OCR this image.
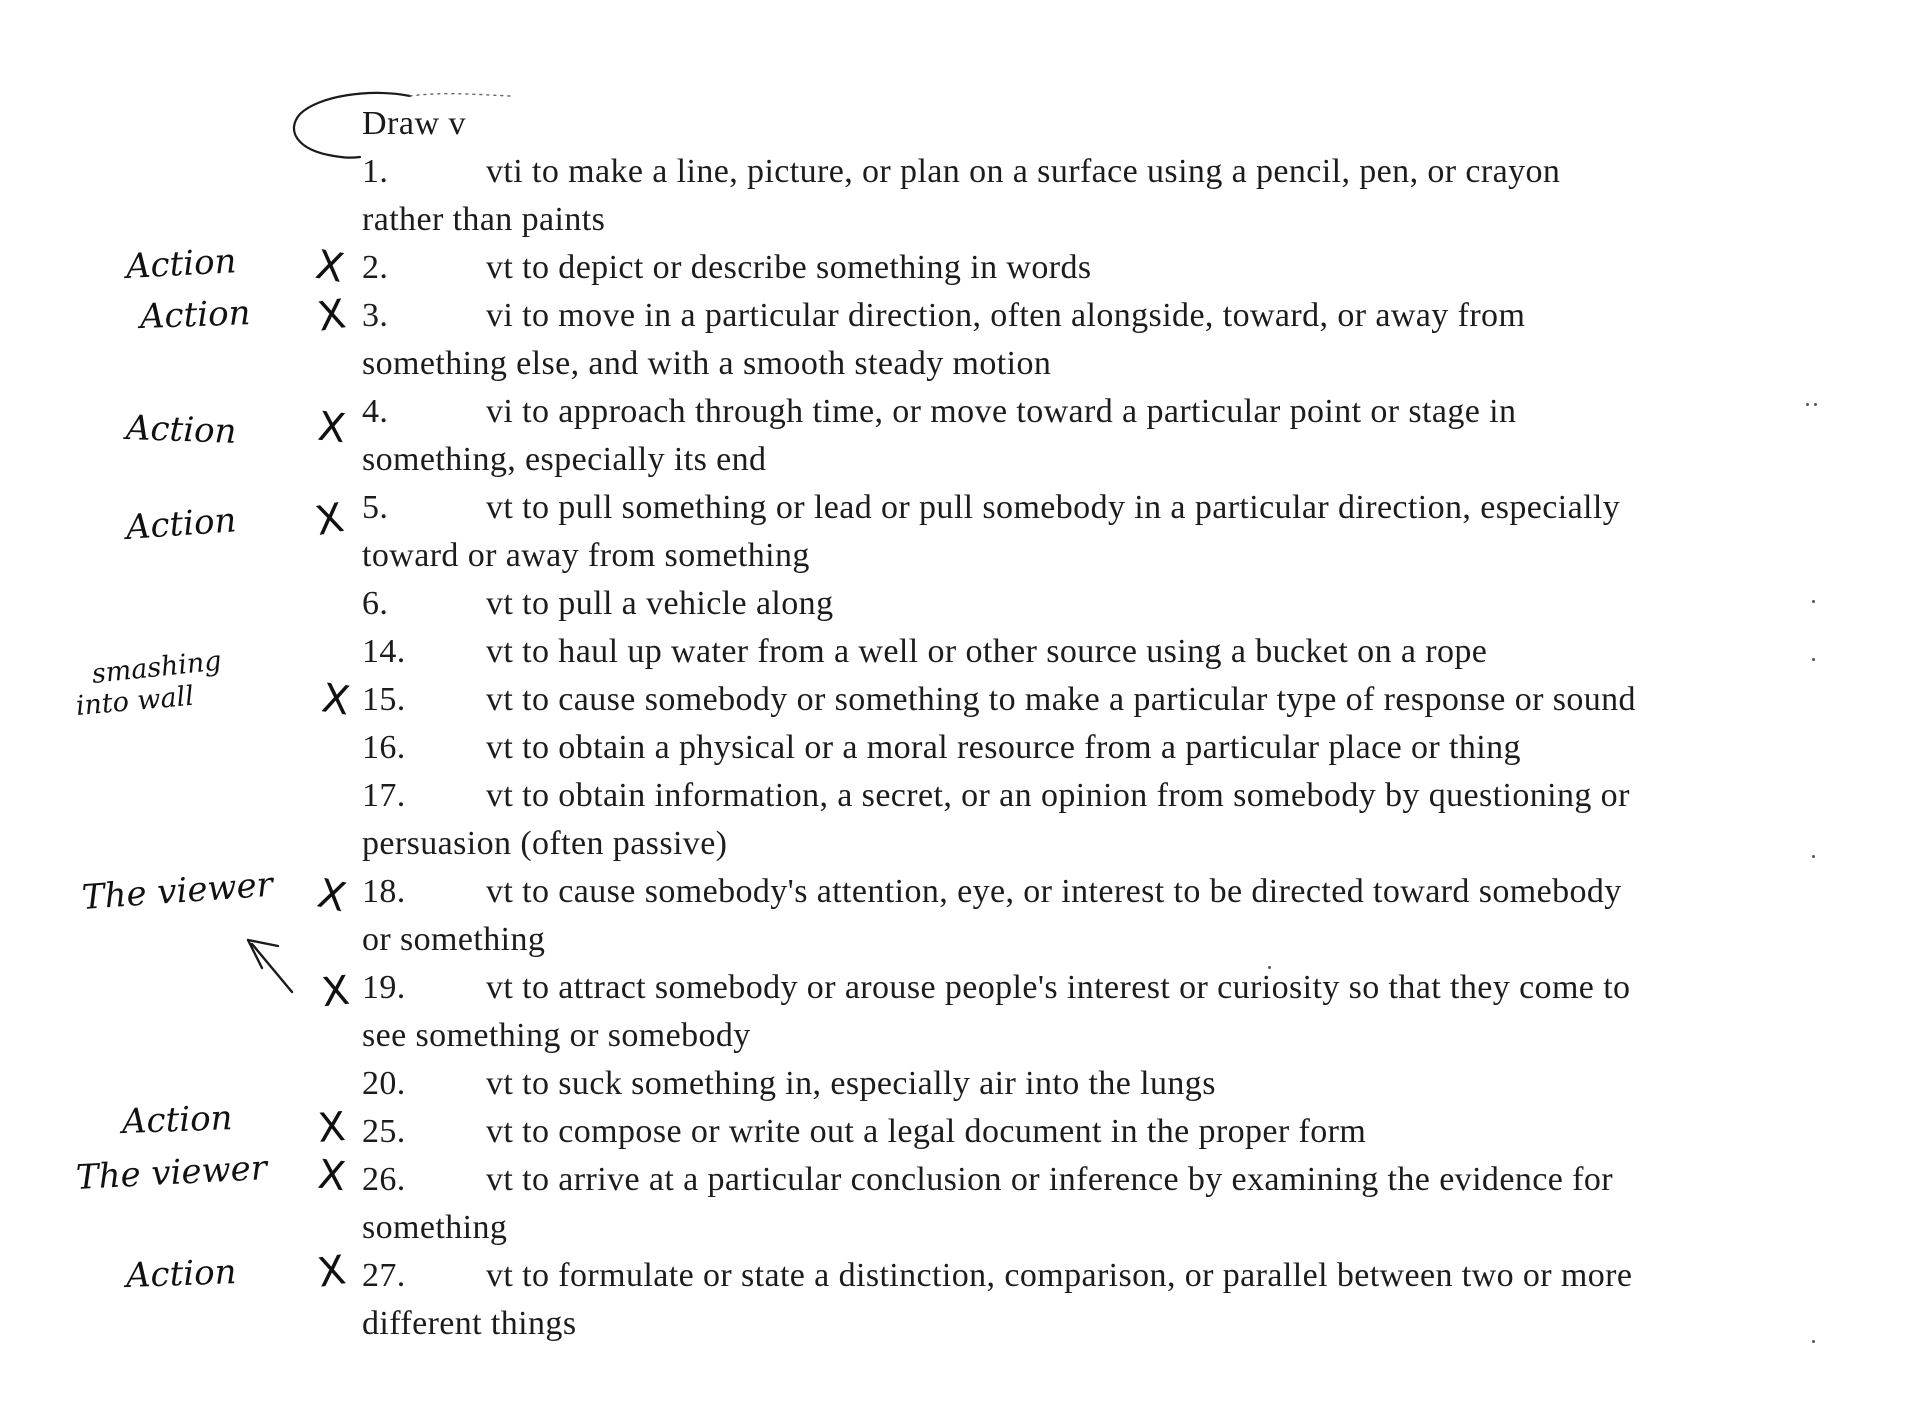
Draw v
1.	vti to make a line, picture, or plan on a surface using a pencil, pen, or crayon
rather than paints
2.	vt to depict or describe something in words
3.	vi to move in a particular direction, often alongside, toward, or away from
something else, and with a smooth steady motion
4.	vi to approach through time, or move toward a particular point or stage in
something, especially its end
5.	vt to pull something or lead or pull somebody in a particular direction, especially
toward or away from something
6.	vt to pull a vehicle along
14. vt to haul up water from a well or other source using a bucket on a rope
15. vt to cause somebody or something to make a particular type of response or sound
16. vt to obtain a physical or a moral resource from a particular place or thing
17. vt to obtain information, a secret, or an opinion from somebody by questioning or
persuasion (often passive)
18. vt to cause somebody's attention, eye, or interest to be directed toward somebody
or something
19. vt to attract somebody or arouse people's interest or curiosity so that they come to
see something or somebody
20. vt to suck something in, especially air into the lungs
25. vt to compose or write out a legal document in the proper form
26. vt to arrive at a particular conclusion or inference by examining the evidence for
something
27. vt to formulate or state a distinction, comparison, or parallel between two or more
different things
Action X
Action X
Action X
Action X
smashing
into wall	X
The viewer X
X
Action X
The viewer X
Action X
